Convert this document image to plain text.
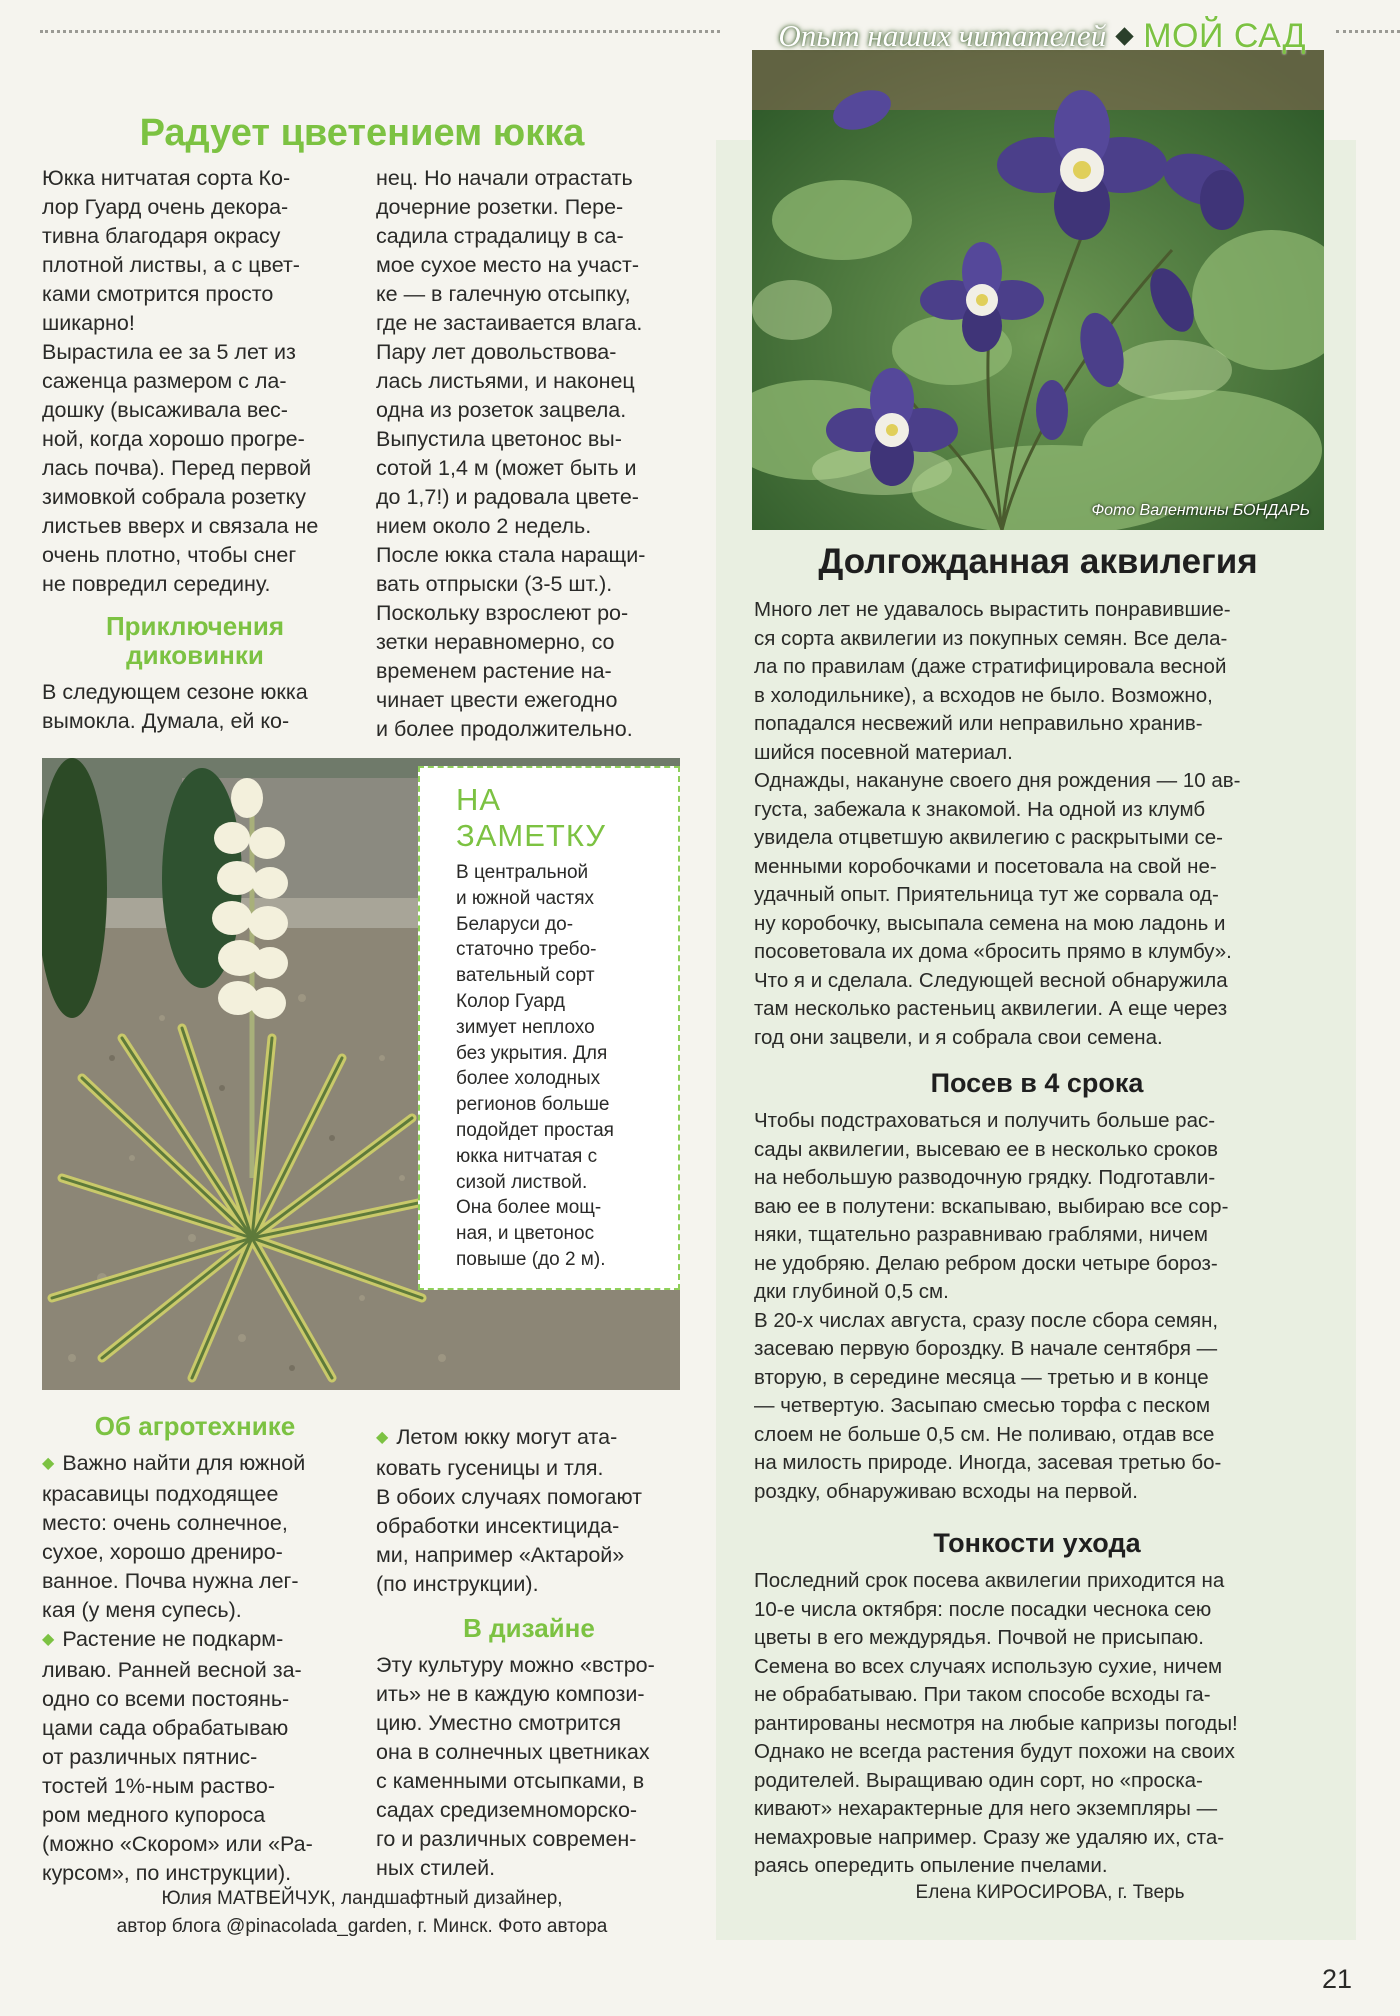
Фото Валентины БОНДАРЬ
Опыт наших читателей МОЙ САД
Радует цветением юкка
Юкка нитчатая сорта Ко-
лор Гуард очень декора-
тивна благодаря окрасу
плотной листвы, а с цвет-
ками смотрится просто
шикарно!
Вырастила ее за 5 лет из
саженца размером с ла-
дошку (высаживала вес-
ной, когда хорошо прогре-
лась почва). Перед первой
зимовкой собрала розетку
листьев вверх и связала не
очень плотно, чтобы снег
не повредил середину.
Приключения
диковинки
В следующем сезоне юкка
вымокла. Думала, ей ко-
нец. Но начали отрастать
дочерние розетки. Пере-
садила страдалицу в са-
мое сухое место на участ-
ке — в галечную отсыпку,
где не застаивается влага.
Пару лет довольствова-
лась листьями, и наконец
одна из розеток зацвела.
Выпустила цветонос вы-
сотой 1,4 м (может быть и
до 1,7!) и радовала цвете-
нием около 2 недель.
После юкка стала наращи-
вать отпрыски (3-5 шт.).
Поскольку взрослеют ро-
зетки неравномерно, со
временем растение на-
чинает цвести ежегодно
и более продолжительно.
НА
ЗАМЕТКУ
В центральной
и южной частях
Беларуси до-
статочно требо-
вательный сорт
Колор Гуард
зимует неплохо
без укрытия. Для
более холодных
регионов больше
подойдет простая
юкка нитчатая с
сизой листвой.
Она более мощ-
ная, и цветонос
повыше (до 2 м).
Об агротехнике
◆ Важно найти для южной
красавицы подходящее
место: очень солнечное,
сухое, хорошо дрениро-
ванное. Почва нужна лег-
кая (у меня супесь).
◆ Растение не подкарм-
ливаю. Ранней весной за-
одно со всеми постоянь-
цами сада обрабатываю
от различных пятнис-
тостей 1%-ным раство-
ром медного купороса
(можно «Скором» или «Ра-
курсом», по инструкции).
◆ Летом юкку могут ата-
ковать гусеницы и тля.
В обоих случаях помогают
обработки инсектицида-
ми, например «Актарой»
(по инструкции).
В дизайне
Эту культуру можно «встро-
ить» не в каждую компози-
цию. Уместно смотрится
она в солнечных цветниках
с каменными отсыпками, в
садах средиземноморско-
го и различных современ-
ных стилей.
Юлия МАТВЕЙЧУК, ландшафтный дизайнер,
автор блога @pinacolada_garden, г. Минск. Фото автора
Долгожданная аквилегия
Много лет не удавалось вырастить понравившие-
ся сорта аквилегии из покупных семян. Все дела-
ла по правилам (даже стратифицировала весной
в холодильнике), а всходов не было. Возможно,
попадался несвежий или неправильно хранив-
шийся посевной материал.
Однажды, накануне своего дня рождения — 10 ав-
густа, забежала к знакомой. На одной из клумб
увидела отцветшую аквилегию с раскрытыми се-
менными коробочками и посетовала на свой не-
удачный опыт. Приятельница тут же сорвала од-
ну коробочку, высыпала семена на мою ладонь и
посоветовала их дома «бросить прямо в клумбу».
Что я и сделала. Следующей весной обнаружила
там несколько растеньиц аквилегии. А еще через
год они зацвели, и я собрала свои семена.
Посев в 4 срока
Чтобы подстраховаться и получить больше рас-
сады аквилегии, высеваю ее в несколько сроков
на небольшую разводочную грядку. Подготавли-
ваю ее в полутени: вскапываю, выбираю все сор-
няки, тщательно разравниваю граблями, ничем
не удобряю. Делаю ребром доски четыре бороз-
дки глубиной 0,5 см.
В 20-х числах августа, сразу после сбора семян,
засеваю первую бороздку. В начале сентября —
вторую, в середине месяца — третью и в конце
— четвертую. Засыпаю смесью торфа с песком
слоем не больше 0,5 см. Не поливаю, отдав все
на милость природе. Иногда, засевая третью бо-
роздку, обнаруживаю всходы на первой.
Тонкости ухода
Последний срок посева аквилегии приходится на
10-е числа октября: после посадки чеснока сею
цветы в его междурядья. Почвой не присыпаю.
Семена во всех случаях использую сухие, ничем
не обрабатываю. При таком способе всходы га-
рантированы несмотря на любые капризы погоды!
Однако не всегда растения будут похожи на своих
родителей. Выращиваю один сорт, но «проска-
кивают» нехарактерные для него экземпляры —
немахровые например. Сразу же удаляю их, ста-
раясь опередить опыление пчелами.
Елена КИРОСИРОВА, г. Тверь
21
